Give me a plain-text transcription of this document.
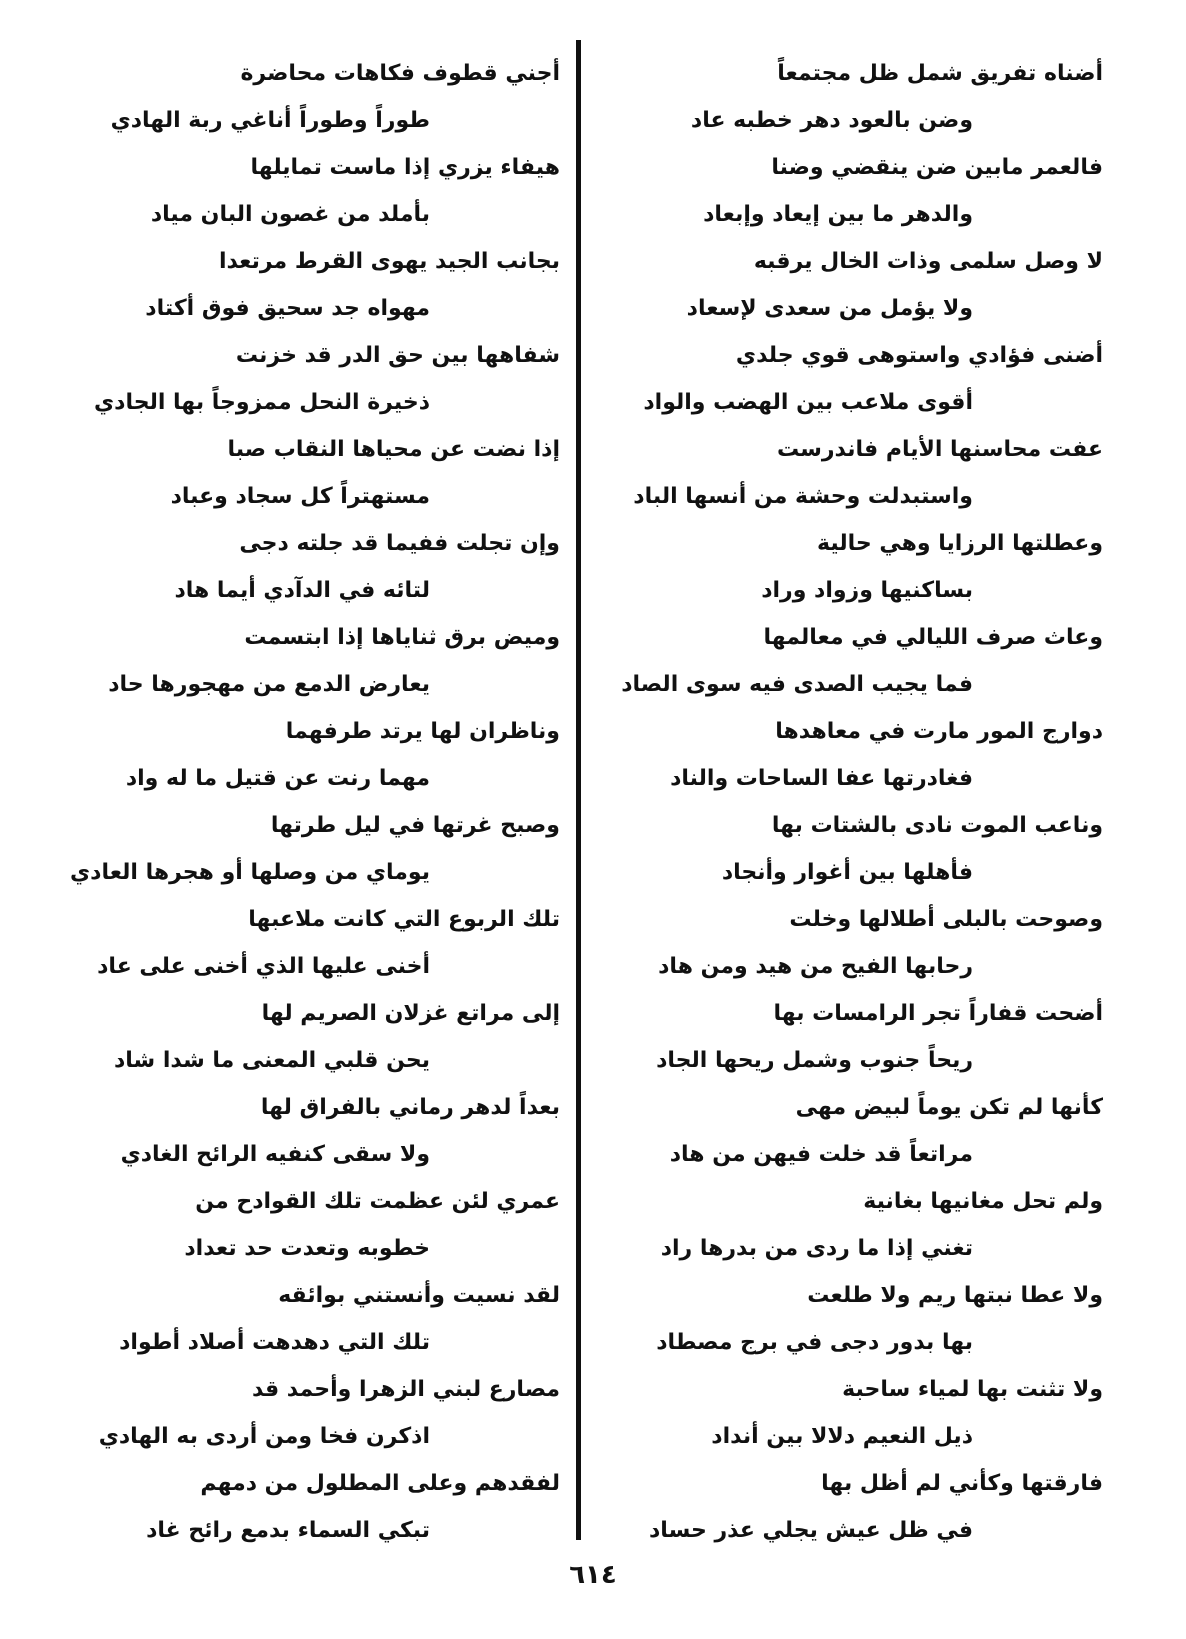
أضناه تفريق شمل ظل مجتمعاً
وضن بالعود دهر خطبه عاد
فالعمر مابين ضن ينقضي وضنا
والدهر ما بين إيعاد وإبعاد
لا وصل سلمى وذات الخال يرقبه
ولا يؤمل من سعدى لإسعاد
أضنى فؤادي واستوهى قوي جلدي
أقوى ملاعب بين الهضب والواد
عفت محاسنها الأيام فاندرست
واستبدلت وحشة من أنسها الباد
وعطلتها الرزايا وهي حالية
بساكنيها وزواد وراد
وعاث صرف الليالي في معالمها
فما يجيب الصدى فيه سوى الصاد
دوارج المور مارت في معاهدها
فغادرتها عفا الساحات والناد
وناعب الموت نادى بالشتات بها
فأهلها بين أغوار وأنجاد
وصوحت بالبلى أطلالها وخلت
رحابها الفيح من هيد ومن هاد
أضحت قفاراً تجر الرامسات بها
ريحاً جنوب وشمل ريحها الجاد
كأنها لم تكن يوماً لبيض مهى
مراتعاً قد خلت فيهن من هاد
ولم تحل مغانيها بغانية
تغني إذا ما ردى من بدرها راد
ولا عطا نبتها ريم ولا طلعت
بها بدور دجى في برج مصطاد
ولا تثنت بها لمياء ساحبة
ذيل النعيم دلالا بين أنداد
فارقتها وكأني لم أظل بها
في ظل عيش يجلي عذر حساد
أجني قطوف فكاهات محاضرة
طوراً وطوراً أناغي ربة الهادي
هيفاء يزري إذا ماست تمايلها
بأملد من غصون البان مياد
بجانب الجيد يهوى القرط مرتعدا
مهواه جد سحيق فوق أكتاد
شفاهها بين حق الدر قد خزنت
ذخيرة النحل ممزوجاً بها الجادي
إذا نضت عن محياها النقاب صبا
مستهتراً كل سجاد وعباد
وإن تجلت ففيما قد جلته دجى
لتائه في الدآدي أيما هاد
وميض برق ثناياها إذا ابتسمت
يعارض الدمع من مهجورها حاد
وناظران لها يرتد طرفهما
مهما رنت عن قتيل ما له واد
وصبح غرتها في ليل طرتها
يوماي من وصلها أو هجرها العادي
تلك الربوع التي كانت ملاعبها
أخنى عليها الذي أخنى على عاد
إلى مراتع غزلان الصريم لها
يحن قلبي المعنى ما شدا شاد
بعداً لدهر رماني بالفراق لها
ولا سقى كنفيه الرائح الغادي
عمري لئن عظمت تلك القوادح من
خطوبه وتعدت حد تعداد
لقد نسيت وأنستني بوائقه
تلك التي دهدهت أصلاد أطواد
مصارع لبني الزهرا وأحمد قد
اذكرن فخا ومن أردى به الهادي
لفقدهم وعلى المطلول من دمهم
تبكي السماء بدمع رائح غاد
٦١٤
